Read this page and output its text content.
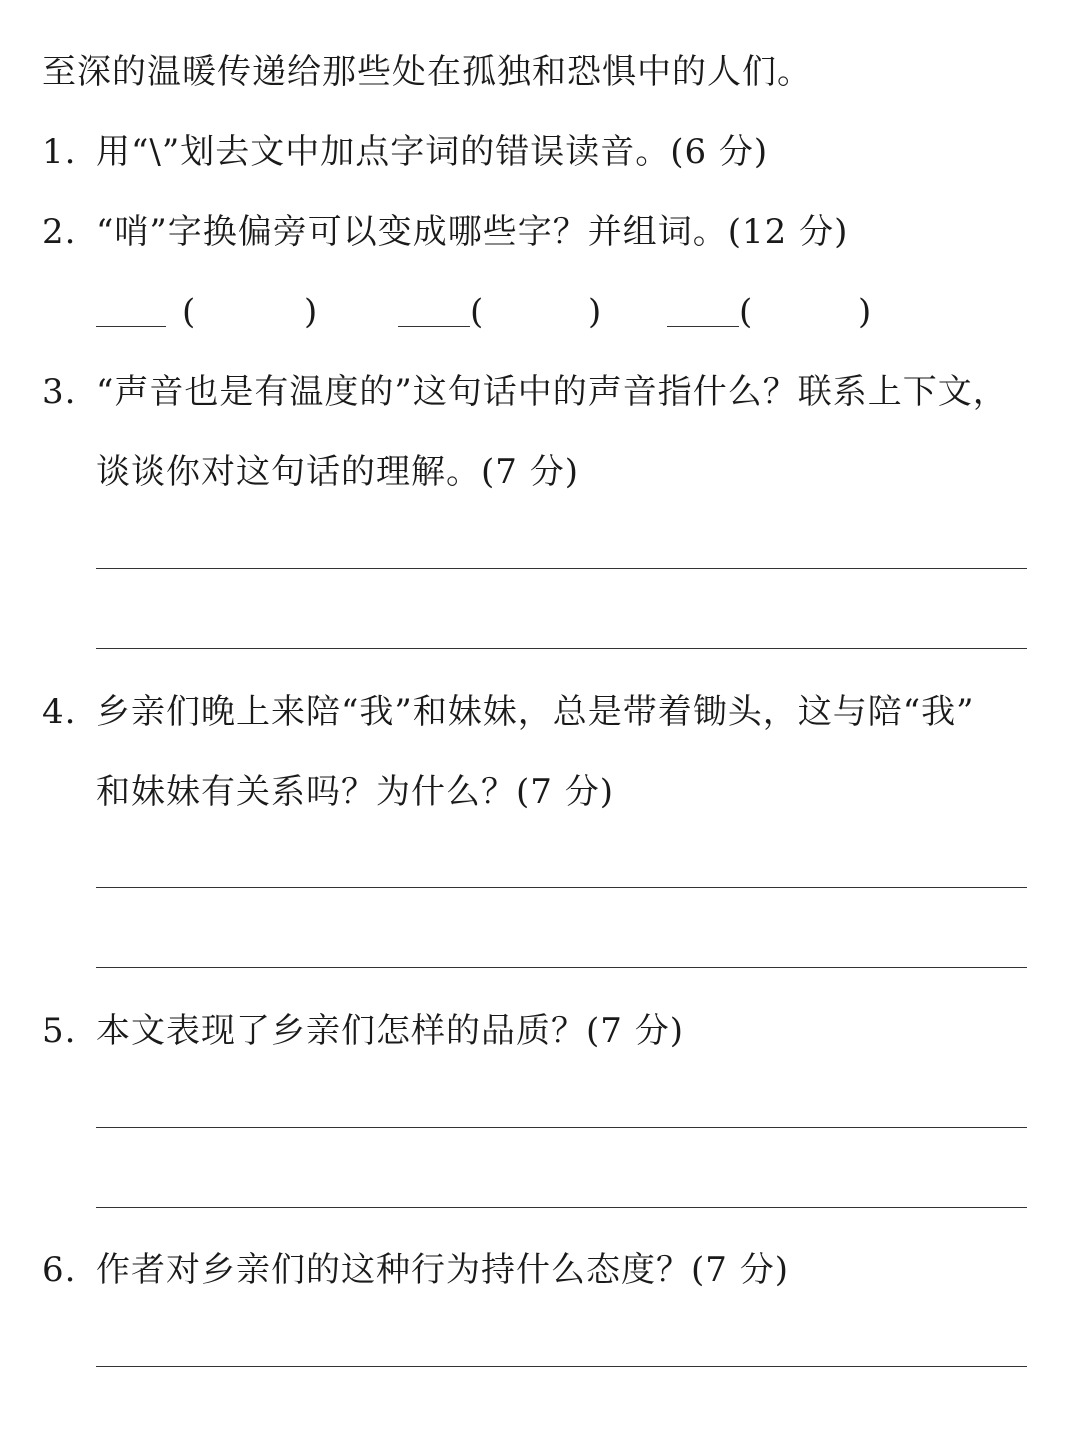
至深的温暖传递给那些处在孤独和恐惧中的人们。
1. 用“\”划去文中加点字词的错误读音。(6 分)
2. “哨”字换偏旁可以变成哪些字？并组词。(12 分)
(	)	(	)	(	)
3. “声音也是有温度的”这句话中的声音指什么？联系上下文，
谈谈你对这句话的理解。(7 分)
4. 乡亲们晚上来陪“我”和妹妹，总是带着锄头，这与陪“我”
和妹妹有关系吗？为什么？(7 分)
5. 本文表现了乡亲们怎样的品质？(7 分)
6. 作者对乡亲们的这种行为持什么态度？(7 分)
